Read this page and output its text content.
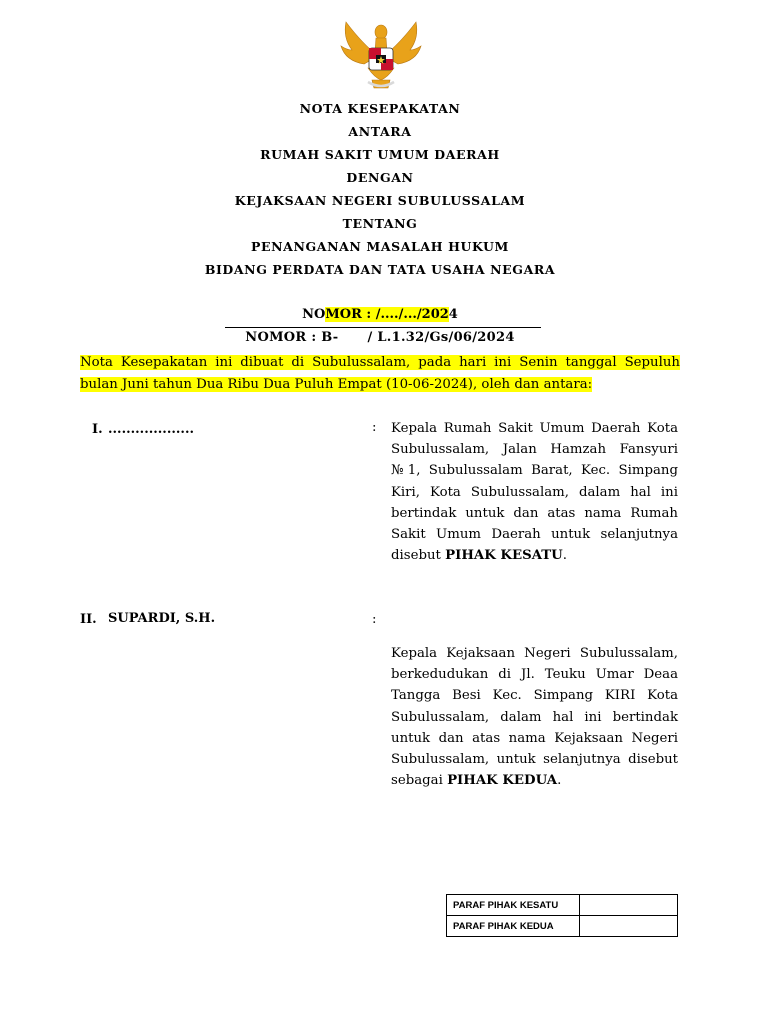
NOTA KESEPAKATAN
ANTARA
RUMAH SAKIT UMUM DAERAH
DENGAN
KEJAKSAAN NEGERI SUBULUSSALAM
TENTANG
PENANGANAN MASALAH HUKUM
BIDANG PERDATA DAN TATA USAHA NEGARA
NOMOR : /..../.../2024
NOMOR : B-      / L.1.32/Gs/06/2024
Nota Kesepakatan ini dibuat di Subulussalam, pada hari ini Senin tanggal Sepuluh bulan Juni tahun Dua Ribu Dua Puluh Empat (10-06-2024), oleh dan antara:
I. ...................	: Kepala Rumah Sakit Umum Daerah Kota Subulussalam, Jalan Hamzah Fansyuri №1, Subulussalam Barat, Kec. Simpang Kiri, Kota Subulussalam, dalam hal ini bertindak untuk dan atas nama Rumah Sakit Umum Daerah untuk selanjutnya disebut PIHAK KESATU.
II. SUPARDI, S.H.	:
Kepala Kejaksaan Negeri Subulussalam, berkedudukan di Jl. Teuku Umar Deaa Tangga Besi Kec. Simpang KIRI Kota Subulussalam, dalam hal ini bertindak untuk dan atas nama Kejaksaan Negeri Subulussalam, untuk selanjutnya disebut sebagai PIHAK KEDUA.
PARAF PIHAK KESATU	
PARAF PIHAK KEDUA	
